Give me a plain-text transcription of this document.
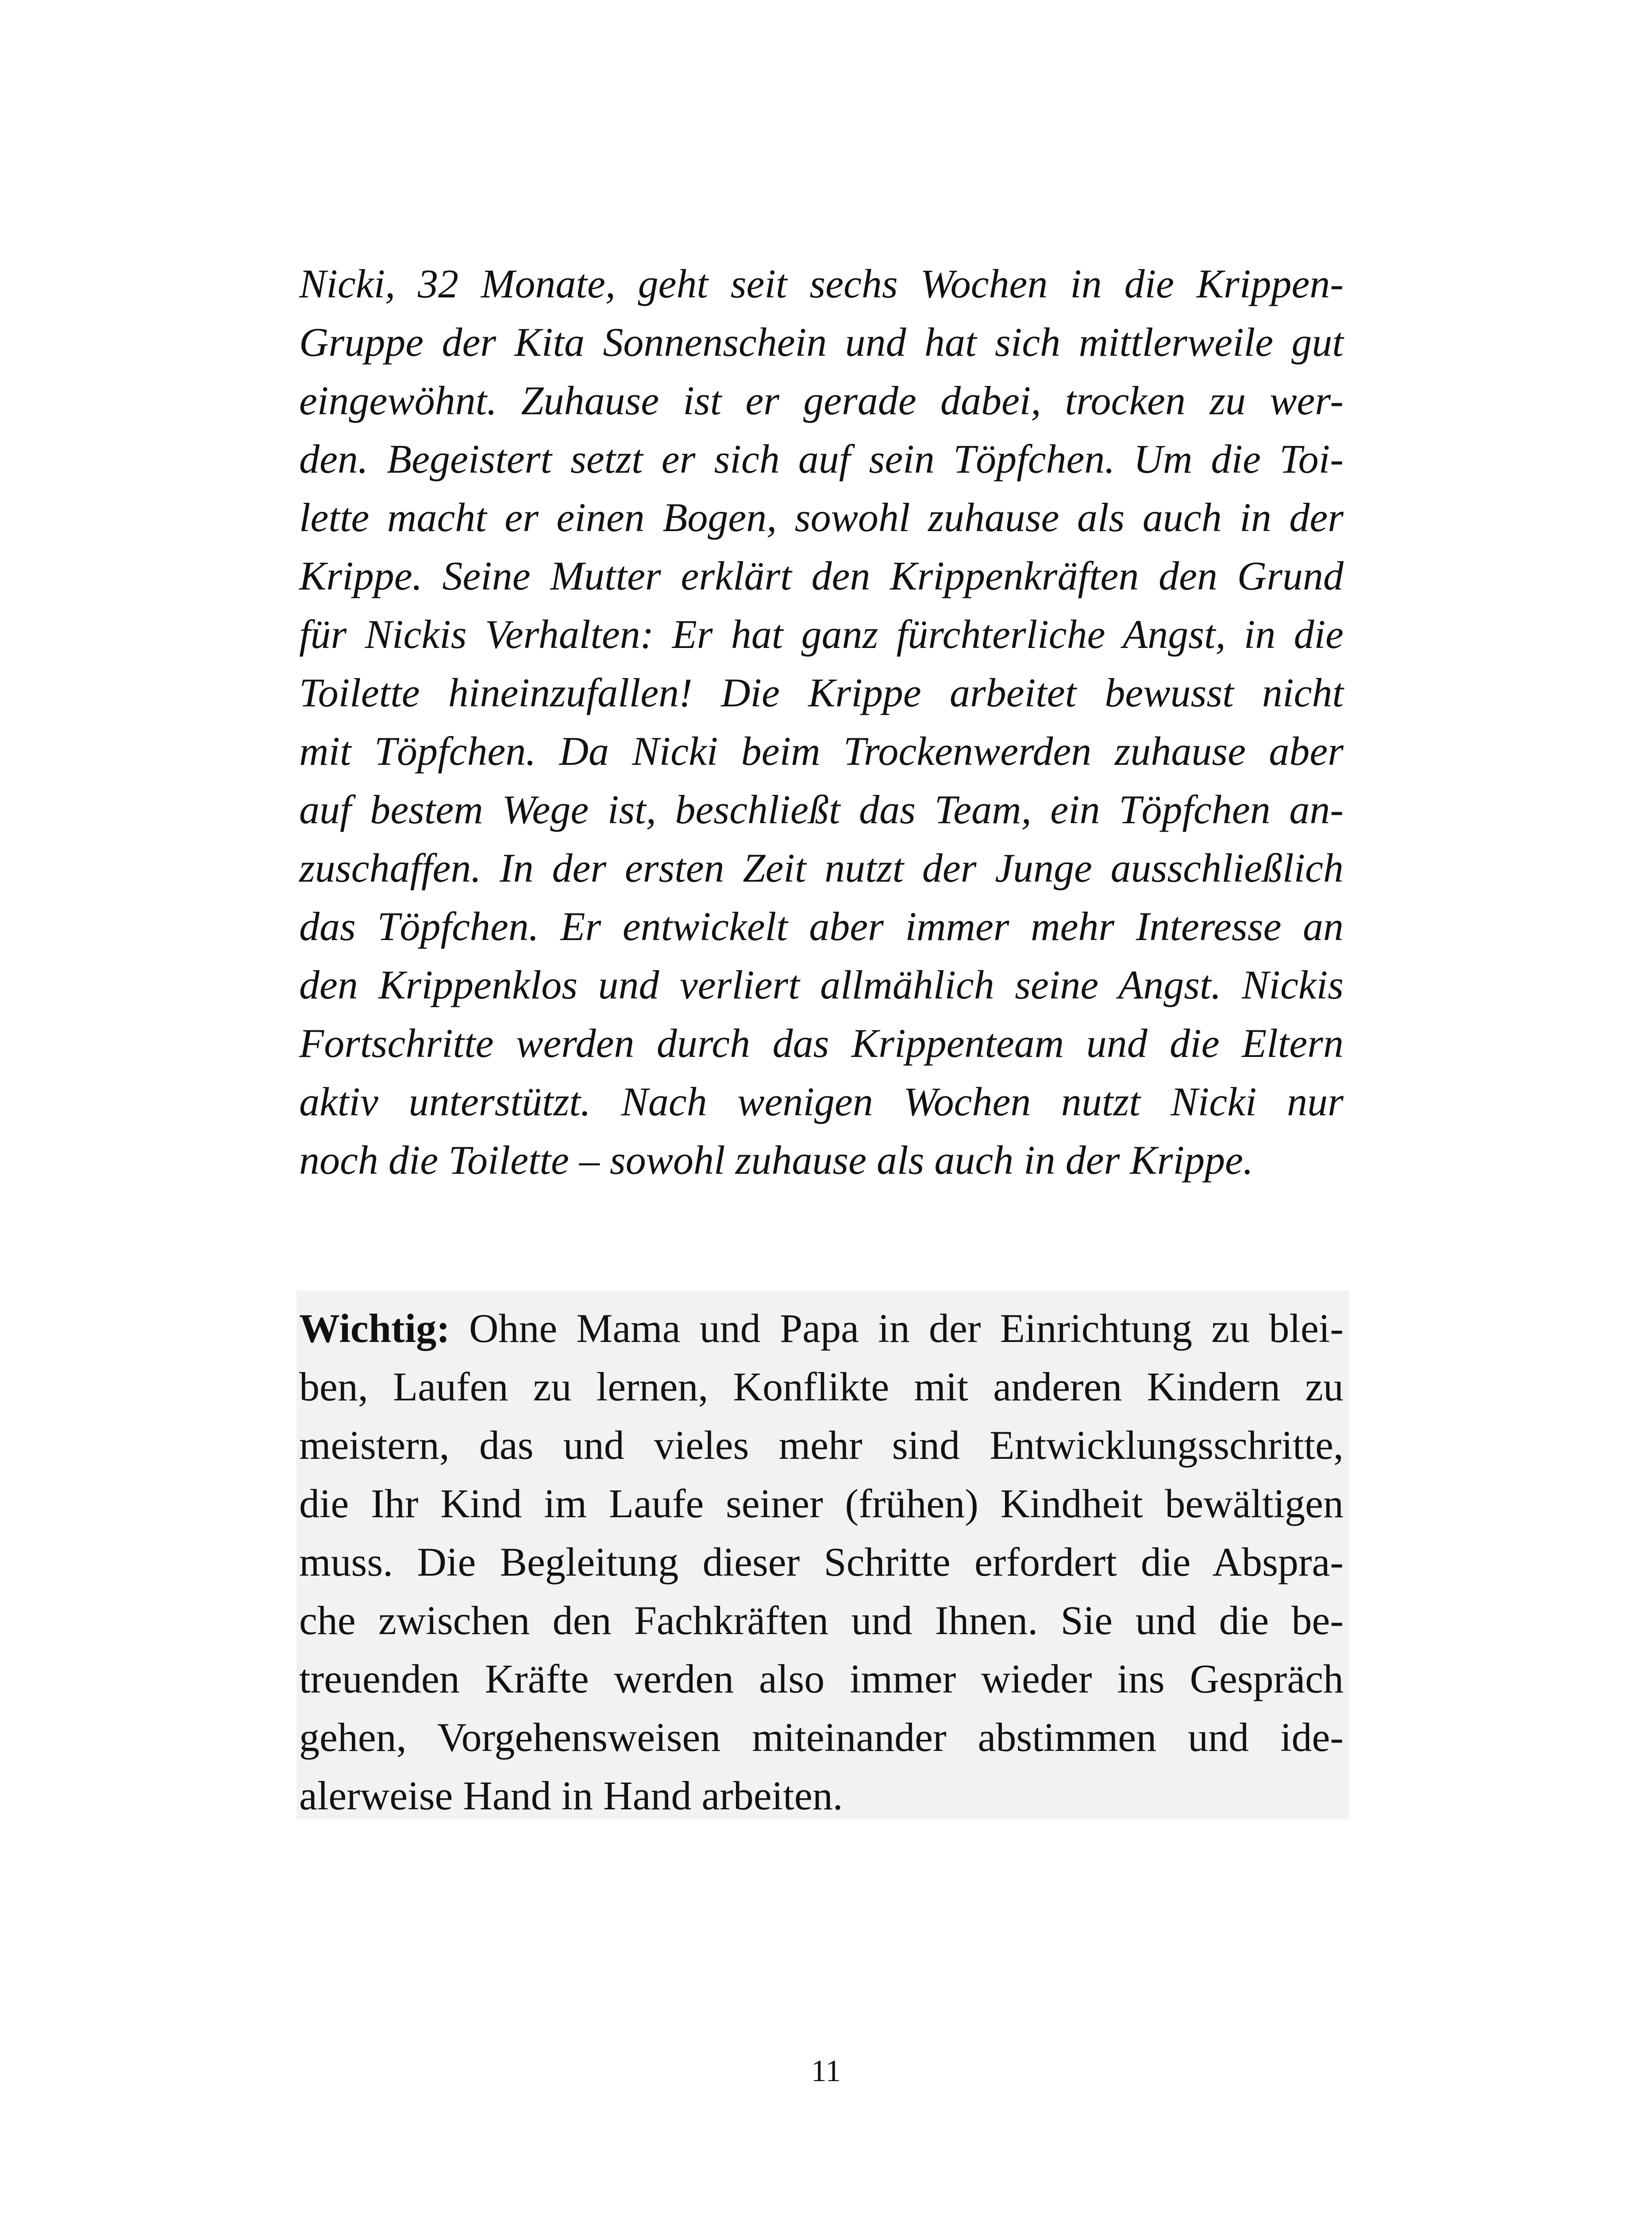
Nicki, 32 Monate, geht seit sechs Wochen in die Krippen-
Gruppe der Kita Sonnenschein und hat sich mittlerweile gut
eingewöhnt. Zuhause ist er gerade dabei, trocken zu wer-
den. Begeistert setzt er sich auf sein Töpfchen. Um die Toi-
lette macht er einen Bogen, sowohl zuhause als auch in der
Krippe. Seine Mutter erklärt den Krippenkräften den Grund
für Nickis Verhalten: Er hat ganz fürchterliche Angst, in die
Toilette hineinzufallen! Die Krippe arbeitet bewusst nicht
mit Töpfchen. Da Nicki beim Trockenwerden zuhause aber
auf bestem Wege ist, beschließt das Team, ein Töpfchen an-
zuschaffen. In der ersten Zeit nutzt der Junge ausschließlich
das Töpfchen. Er entwickelt aber immer mehr Interesse an
den Krippenklos und verliert allmählich seine Angst. Nickis
Fortschritte werden durch das Krippenteam und die Eltern
aktiv unterstützt. Nach wenigen Wochen nutzt Nicki nur
noch die Toilette – sowohl zuhause als auch in der Krippe.
Wichtig: Ohne Mama und Papa in der Einrichtung zu blei-
ben, Laufen zu lernen, Konflikte mit anderen Kindern zu
meistern, das und vieles mehr sind Entwicklungsschritte,
die Ihr Kind im Laufe seiner (frühen) Kindheit bewältigen
muss. Die Begleitung dieser Schritte erfordert die Abspra-
che zwischen den Fachkräften und Ihnen. Sie und die be-
treuenden Kräfte werden also immer wieder ins Gespräch
gehen, Vorgehensweisen miteinander abstimmen und ide-
alerweise Hand in Hand arbeiten.
11
